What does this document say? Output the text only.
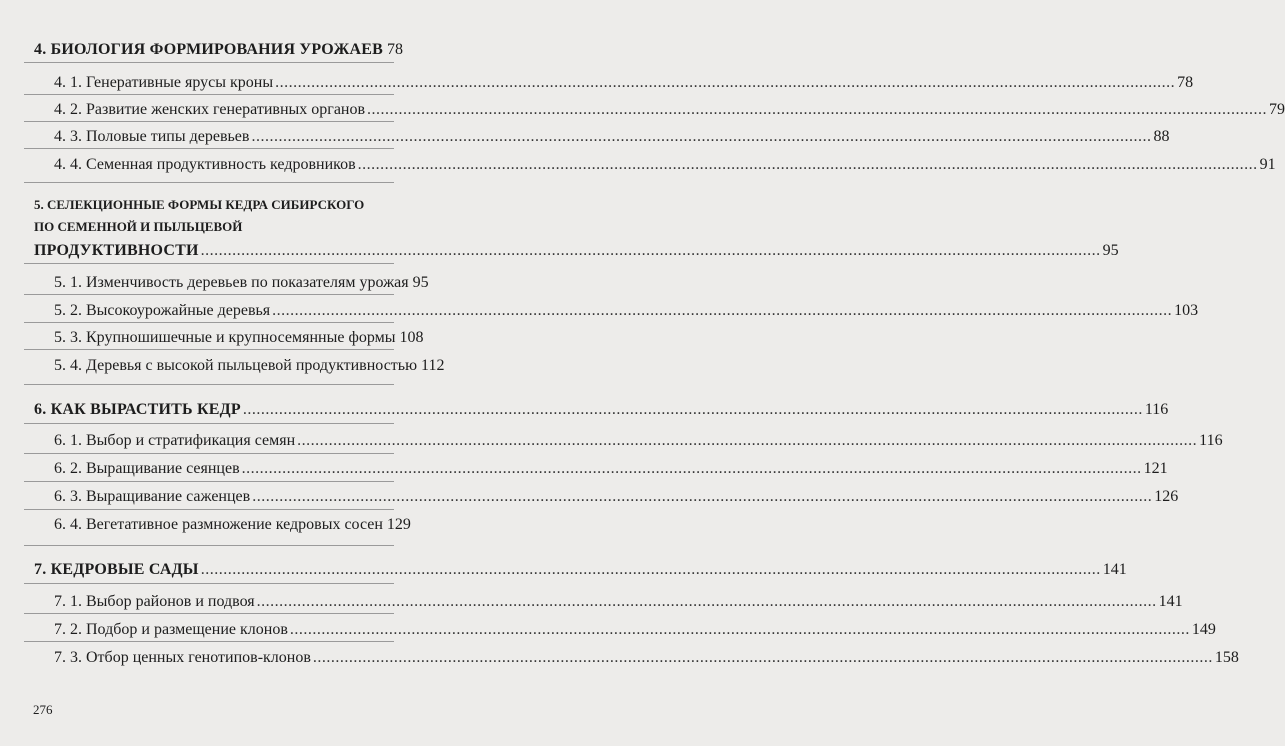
4. БИОЛОГИЯ ФОРМИРОВАНИЯ УРОЖАЕВ 78
4. 1. Генеративные ярусы кроны .....	78
4. 2. Развитие женских генеративных органов .....	79
4. 3. Половые типы деревьев .....	88
4. 4. Семенная продуктивность кедровников .....	91
5. СЕЛЕКЦИОННЫЕ ФОРМЫ КЕДРА СИБИРСКОГО
ПО СЕМЕННОЙ И ПЫЛЬЦЕВОЙ
ПРОДУКТИВНОСТИ .....	95
5. 1. Изменчивость деревьев по показателям урожая 95
5. 2. Высокоурожайные деревья .....	103
5. 3. Крупношишечные и крупносемянные формы 108
5. 4. Деревья с высокой пыльцевой продуктивностью 112
6. КАК ВЫРАСТИТЬ КЕДР .....	116
6. 1. Выбор и стратификация семян .....	116
6. 2. Выращивание сеянцев .....	121
6. 3. Выращивание саженцев .....	126
6. 4. Вегетативное размножение кедровых сосен 129
7. КЕДРОВЫЕ САДЫ .....	141
7. 1. Выбор районов и подвоя .....	141
7. 2. Подбор и размещение клонов .....	149
7. 3. Отбор ценных генотипов-клонов .....	158
276
